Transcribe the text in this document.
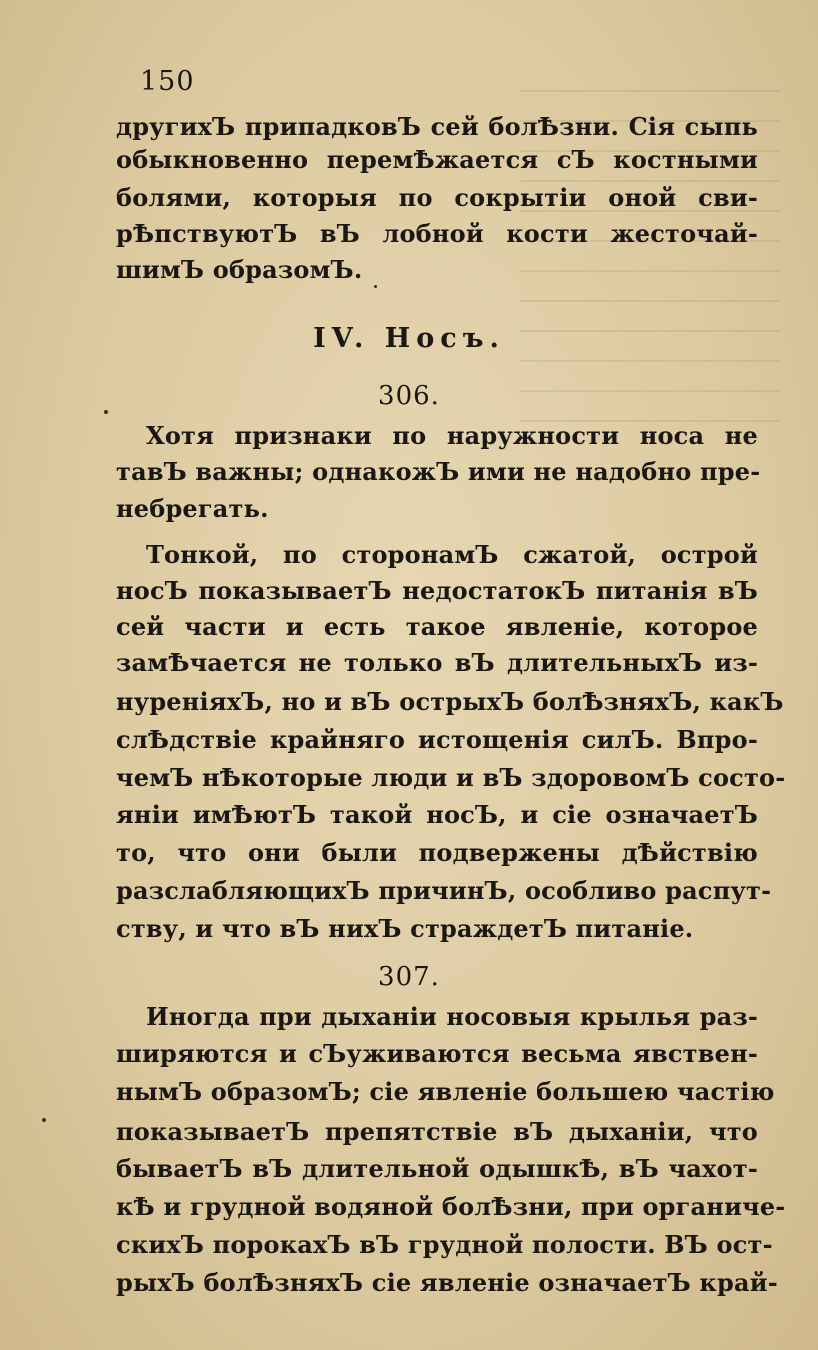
150
другихЪ припадковЪ сей болѢзни. Сія сыпь
обыкновенно перемѢжается сЪ костными
болями, которыя по сокрытіи оной сви-
рѢпствуютЪ вЪ лобной кости жесточай-
шимЪ образомЪ.
IV. Носъ.
306.
Хотя признаки по наружности носа не
тавЪ важны; однакожЪ ими не надобно пре-
небрегать.
Тонкой, по сторонамЪ сжатой, острой
носЪ показываетЪ недостатокЪ питанія вЪ
сей части и есть такое явленіе, которое
замѢчается не только вЪ длительныхЪ из-
нуреніяхЪ, но и вЪ острыхЪ болѢзняхЪ, какЪ
слѢдствіе крайняго истощенія силЪ. Впро-
чемЪ нѢкоторые люди и вЪ здоровомЪ состо-
яніи имѢютЪ такой носЪ, и сіе означаетЪ
то, что они были подвержены дѢйствію
разслабляющихЪ причинЪ, особливо распут-
ству, и что вЪ нихЪ страждетЪ питаніе.
307.
Иногда при дыханіи носовыя крылья раз-
ширяются и сЪуживаются весьма явствен-
нымЪ образомЪ; сіе явленіе большею частію
показываетЪ препятствіе вЪ дыханіи, что
бываетЪ вЪ длительной одышкѢ, вЪ чахот-
кѢ и грудной водяной болѢзни, при органиче-
скихЪ порокахЪ вЪ грудной полости. ВЪ ост-
рыхЪ болѢзняхЪ сіе явленіе означаетЪ край-
